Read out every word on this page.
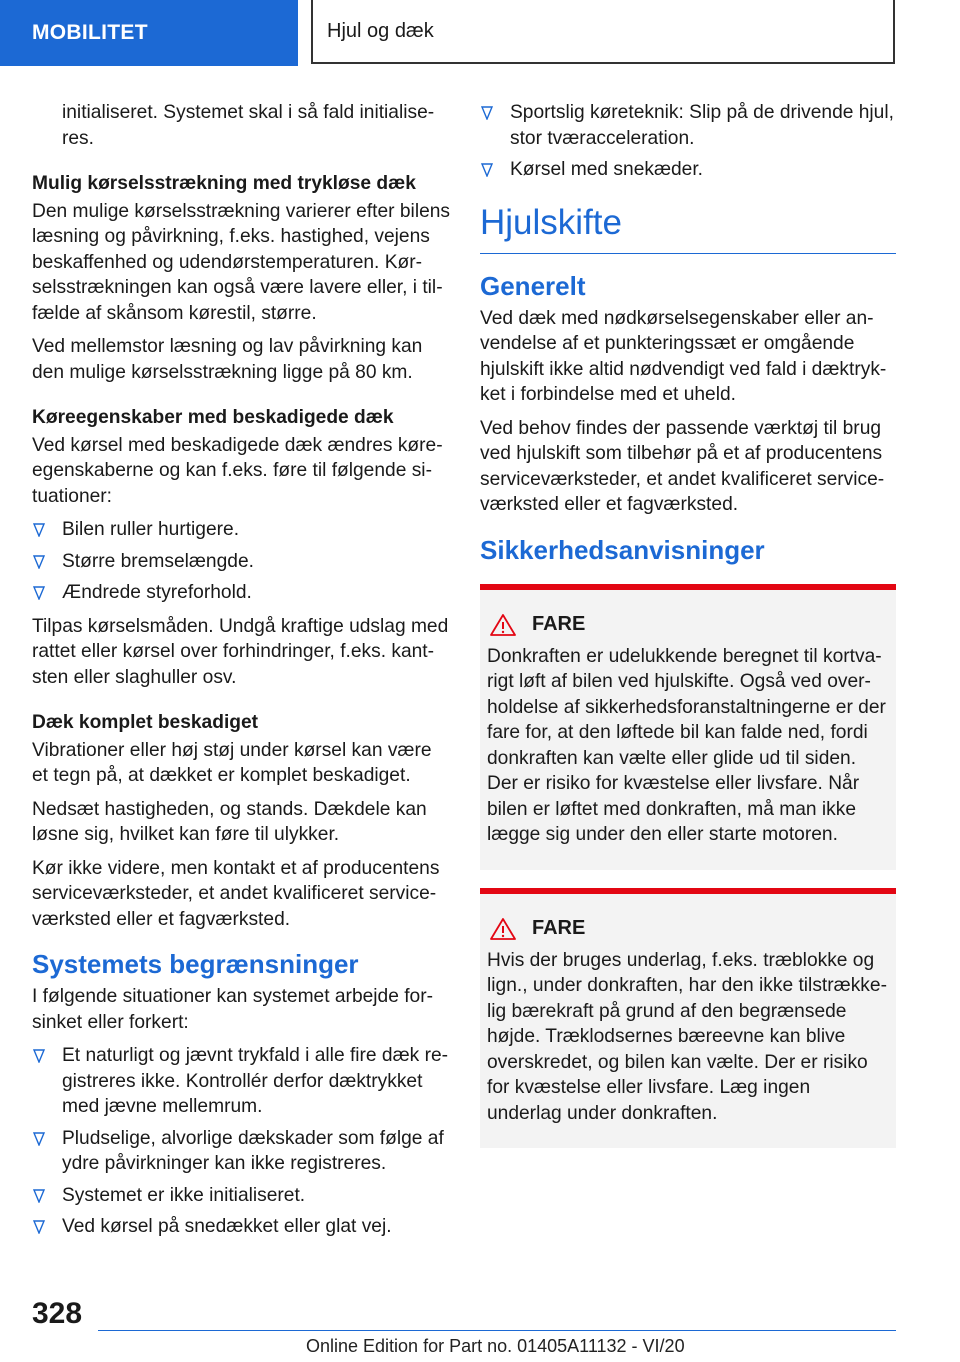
MOBILITET	Hjul og dæk

initialiseret. Systemet skal i så fald initialiseres.

Mulig kørselsstrækning med trykløse dæk

Den mulige kørselsstrækning varierer efter bilens læsning og påvirkning, f.eks. hastighed, vejens beskaffenhed og udendørstemperaturen. Kørselsstrækningen kan også være lavere eller, i tilfælde af skånsom kørestil, større.

Ved mellemstor læsning og lav påvirkning kan den mulige kørselsstrækning ligge på 80 km.

Køreegenskaber med beskadigede dæk

Ved kørsel med beskadigede dæk ændres køreegenskaberne og kan f.eks. føre til følgende situationer:

Bilen ruller hurtigere.
Større bremselængde.
Ændrede styreforhold.

Tilpas kørselsmåden. Undgå kraftige udslag med rattet eller kørsel over forhindringer, f.eks. kantsten eller slaghuller osv.

Dæk komplet beskadiget

Vibrationer eller høj støj under kørsel kan være et tegn på, at dækket er komplet beskadiget.

Nedsæt hastigheden, og stands. Dækdele kan løsne sig, hvilket kan føre til ulykker.

Kør ikke videre, men kontakt et af producentens serviceværksteder, et andet kvalificeret serviceværksted eller et fagværksted.

Systemets begrænsninger

I følgende situationer kan systemet arbejde forsinket eller forkert:

Et naturligt og jævnt trykfald i alle fire dæk registreres ikke. Kontrollér derfor dæktrykket med jævne mellemrum.
Pludselige, alvorlige dækskader som følge af ydre påvirkninger kan ikke registreres.
Systemet er ikke initialiseret.
Ved kørsel på snedækket eller glat vej.
Sportslig køreteknik: Slip på de drivende hjul, stor tværacceleration.
Kørsel med snekæder.
Hjulskifte
Generelt

Ved dæk med nødkørselsegenskaber eller anvendelse af et punkteringssæt er omgående hjulskift ikke altid nødvendigt ved fald i dæktrykket i forbindelse med et uheld.

Ved behov findes der passende værktøj til brug ved hjulskift som tilbehør på et af producentens serviceværksteder, et andet kvalificeret serviceværksted eller et fagværksted.

Sikkerhedsanvisninger
FARE

Donkraften er udelukkende beregnet til kortvarigt løft af bilen ved hjulskifte. Også ved overholdelse af sikkerhedsforanstaltningerne er der fare for, at den løftede bil kan falde ned, fordi donkraften kan vælte eller glide ud til siden. Der er risiko for kvæstelse eller livsfare. Når bilen er løftet med donkraften, må man ikke lægge sig under den eller starte motoren.

FARE

Hvis der bruges underlag, f.eks. træblokke og lign., under donkraften, har den ikke tilstrækkelig bærekraft på grund af den begrænsede højde. Træklodsernes bæreevne kan blive overskredet, og bilen kan vælte. Der er risiko for kvæstelse eller livsfare. Læg ingen underlag under donkraften.

328
Online Edition for Part no. 01405A11132 - VI/20
